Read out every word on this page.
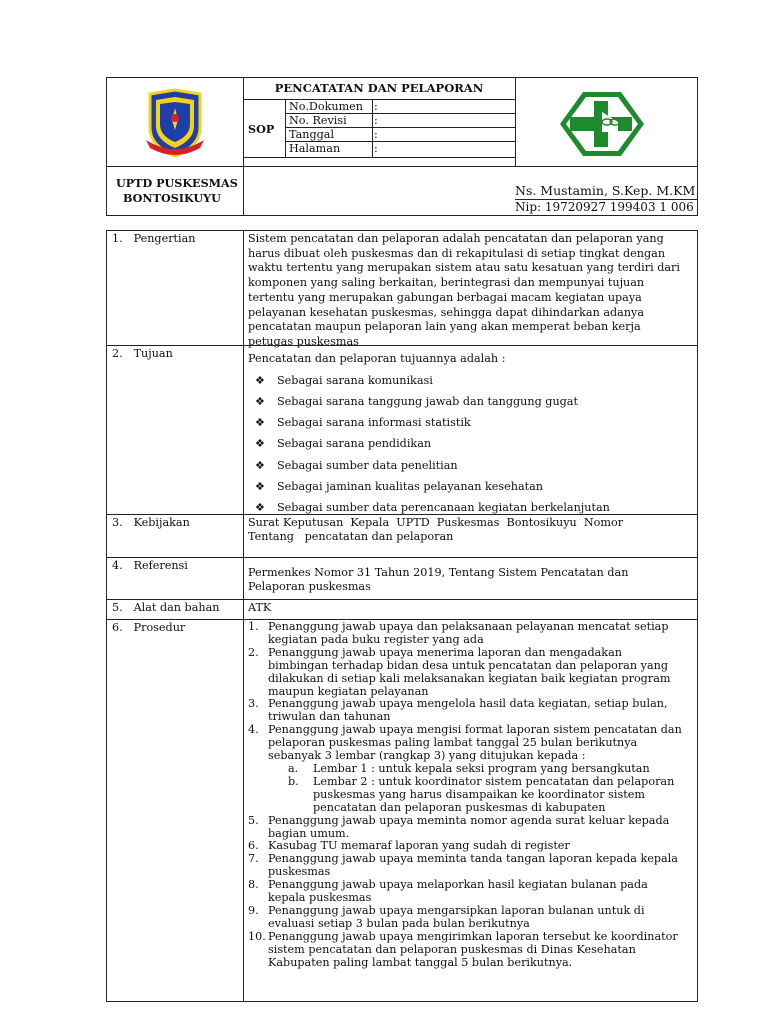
PENCATATAN DAN PELAPORAN
SOP
No.Dokumen :
No. Revisi :
Tanggal	:
Halaman	:
UPTD PUSKESMAS
BONTOSIKUYU	Ns. Mustamin, S.Kep. M.KM
Nip: 19720927 199403 1 006
1. Pengertian	Sistem pencatatan dan pelaporan adalah pencatatan dan pelaporan yang
harus dibuat oleh puskesmas dan di rekapitulasi di setiap tingkat dengan
waktu tertentu yang merupakan sistem atau satu kesatuan yang terdiri dari
komponen yang saling berkaitan, berintegrasi dan mempunyai tujuan
tertentu yang merupakan gabungan berbagai macam kegiatan upaya
pelayanan kesehatan puskesmas, sehingga dapat dihindarkan adanya
pencatatan maupun pelaporan lain yang akan memperat beban kerja
petugas puskesmas
2. Tujuan	Pencatatan dan pelaporan tujuannya adalah :
❖ Sebagai sarana komunikasi
❖ Sebagai sarana tanggung jawab dan tanggung gugat
❖ Sebagai sarana informasi statistik
❖ Sebagai sarana pendidikan
❖ Sebagai sumber data penelitian
❖ Sebagai jaminan kualitas pelayanan kesehatan
❖ Sebagai sumber data perencanaan kegiatan berkelanjutan
3. Kebijakan	Surat Keputusan  Kepala  UPTD  Puskesmas  Bontosikuyu  Nomor
Tentang   pencatatan dan pelaporan
4. Referensi
Permenkes Nomor 31 Tahun 2019, Tentang Sistem Pencatatan dan
Pelaporan puskesmas
5. Alat dan bahan	ATK
6. Prosedur	1. Penanggung jawab upaya dan pelaksanaan pelayanan mencatat setiap
kegiatan pada buku register yang ada
2. Penanggung jawab upaya menerima laporan dan mengadakan
bimbingan terhadap bidan desa untuk pencatatan dan pelaporan yang
dilakukan di setiap kali melaksanakan kegiatan baik kegiatan program
maupun kegiatan pelayanan
3. Penanggung jawab upaya mengelola hasil data kegiatan, setiap bulan,
triwulan dan tahunan
4. Penanggung jawab upaya mengisi format laporan sistem pencatatan dan
pelaporan puskesmas paling lambat tanggal 25 bulan berikutnya
sebanyak 3 lembar (rangkap 3) yang ditujukan kepada :
a. Lembar 1 : untuk kepala seksi program yang bersangkutan
b. Lembar 2 : untuk koordinator sistem pencatatan dan pelaporan
puskesmas yang harus disampaikan ke koordinator sistem
pencatatan dan pelaporan puskesmas di kabupaten
5. Penanggung jawab upaya meminta nomor agenda surat keluar kepada
bagian umum.
6. Kasubag TU memaraf laporan yang sudah di register
7. Penanggung jawab upaya meminta tanda tangan laporan kepada kepala
puskesmas
8. Penanggung jawab upaya melaporkan hasil kegiatan bulanan pada
kepala puskesmas
9. Penanggung jawab upaya mengarsipkan laporan bulanan untuk di
evaluasi setiap 3 bulan pada bulan berikutnya
10. Penanggung jawab upaya mengirimkan laporan tersebut ke koordinator
sistem pencatatan dan pelaporan puskesmas di Dinas Kesehatan
Kabupaten paling lambat tanggal 5 bulan berikutnya.
